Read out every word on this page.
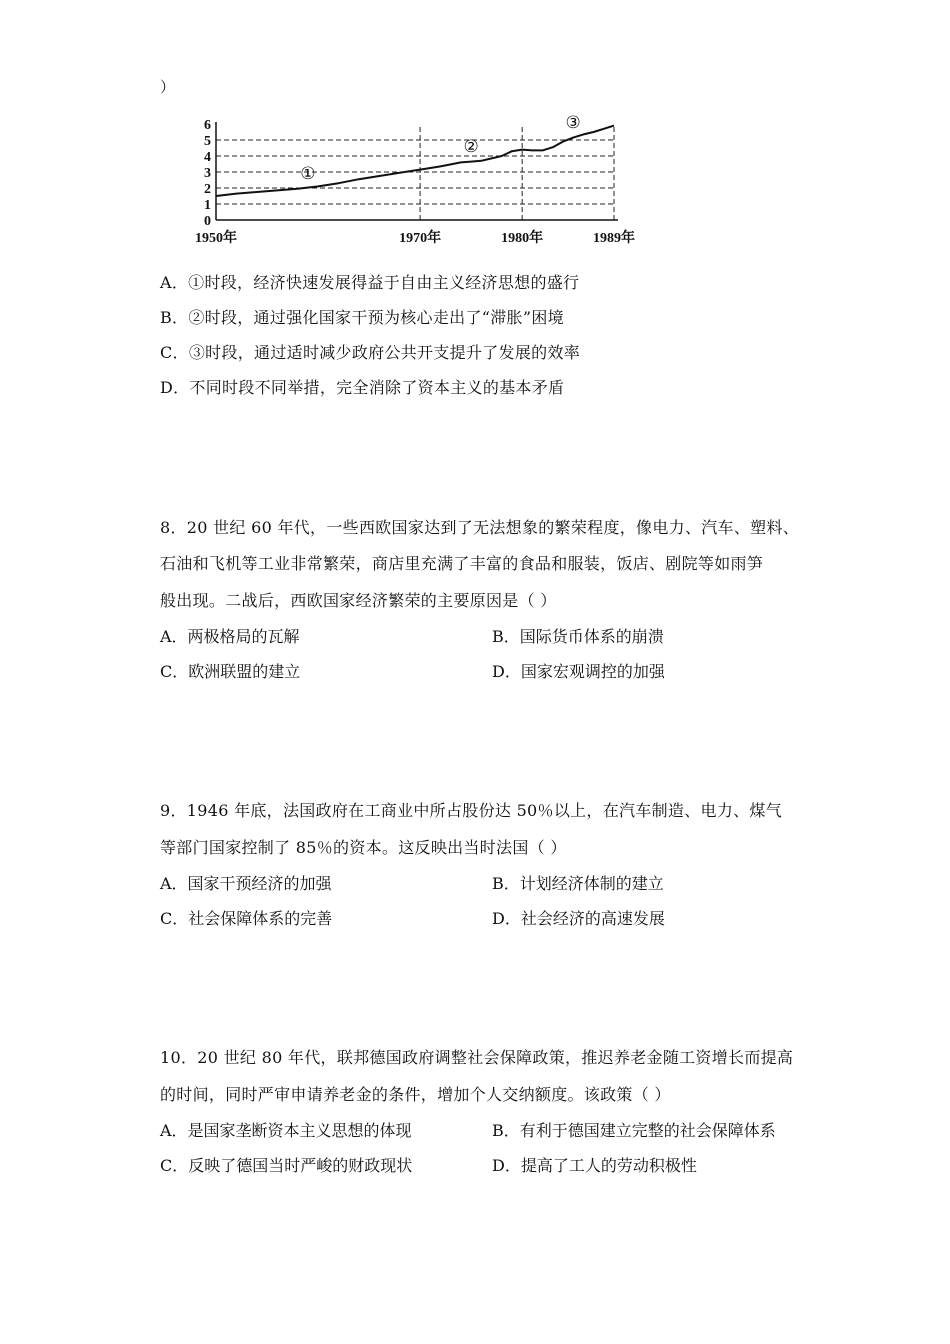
）
0
1
2
3
4
5
6
1950年	1970年	1980年	1989年
①
②
③
A．①时段，经济快速发展得益于自由主义经济思想的盛行
B．②时段，通过强化国家干预为核心走出了“滞胀”困境
C．③时段，通过适时减少政府公共开支提升了发展的效率
D．不同时段不同举措，完全消除了资本主义的基本矛盾
8．20 世纪 60 年代，一些西欧国家达到了无法想象的繁荣程度，像电力、汽车、塑料、
石油和飞机等工业非常繁荣，商店里充满了丰富的食品和服装，饭店、剧院等如雨笋
般出现。二战后，西欧国家经济繁荣的主要原因是（ ）
A．两极格局的瓦解	B．国际货币体系的崩溃
C．欧洲联盟的建立	D．国家宏观调控的加强
9．1946 年底，法国政府在工商业中所占股份达 50％以上，在汽车制造、电力、煤气
等部门国家控制了 85％的资本。这反映出当时法国（ ）
A．国家干预经济的加强	B．计划经济体制的建立
C．社会保障体系的完善	D．社会经济的高速发展
10．20 世纪 80 年代，联邦德国政府调整社会保障政策，推迟养老金随工资增长而提高
的时间，同时严审申请养老金的条件，增加个人交纳额度。该政策（ ）
A．是国家垄断资本主义思想的体现	B．有利于德国建立完整的社会保障体系
C．反映了德国当时严峻的财政现状	D．提高了工人的劳动积极性
